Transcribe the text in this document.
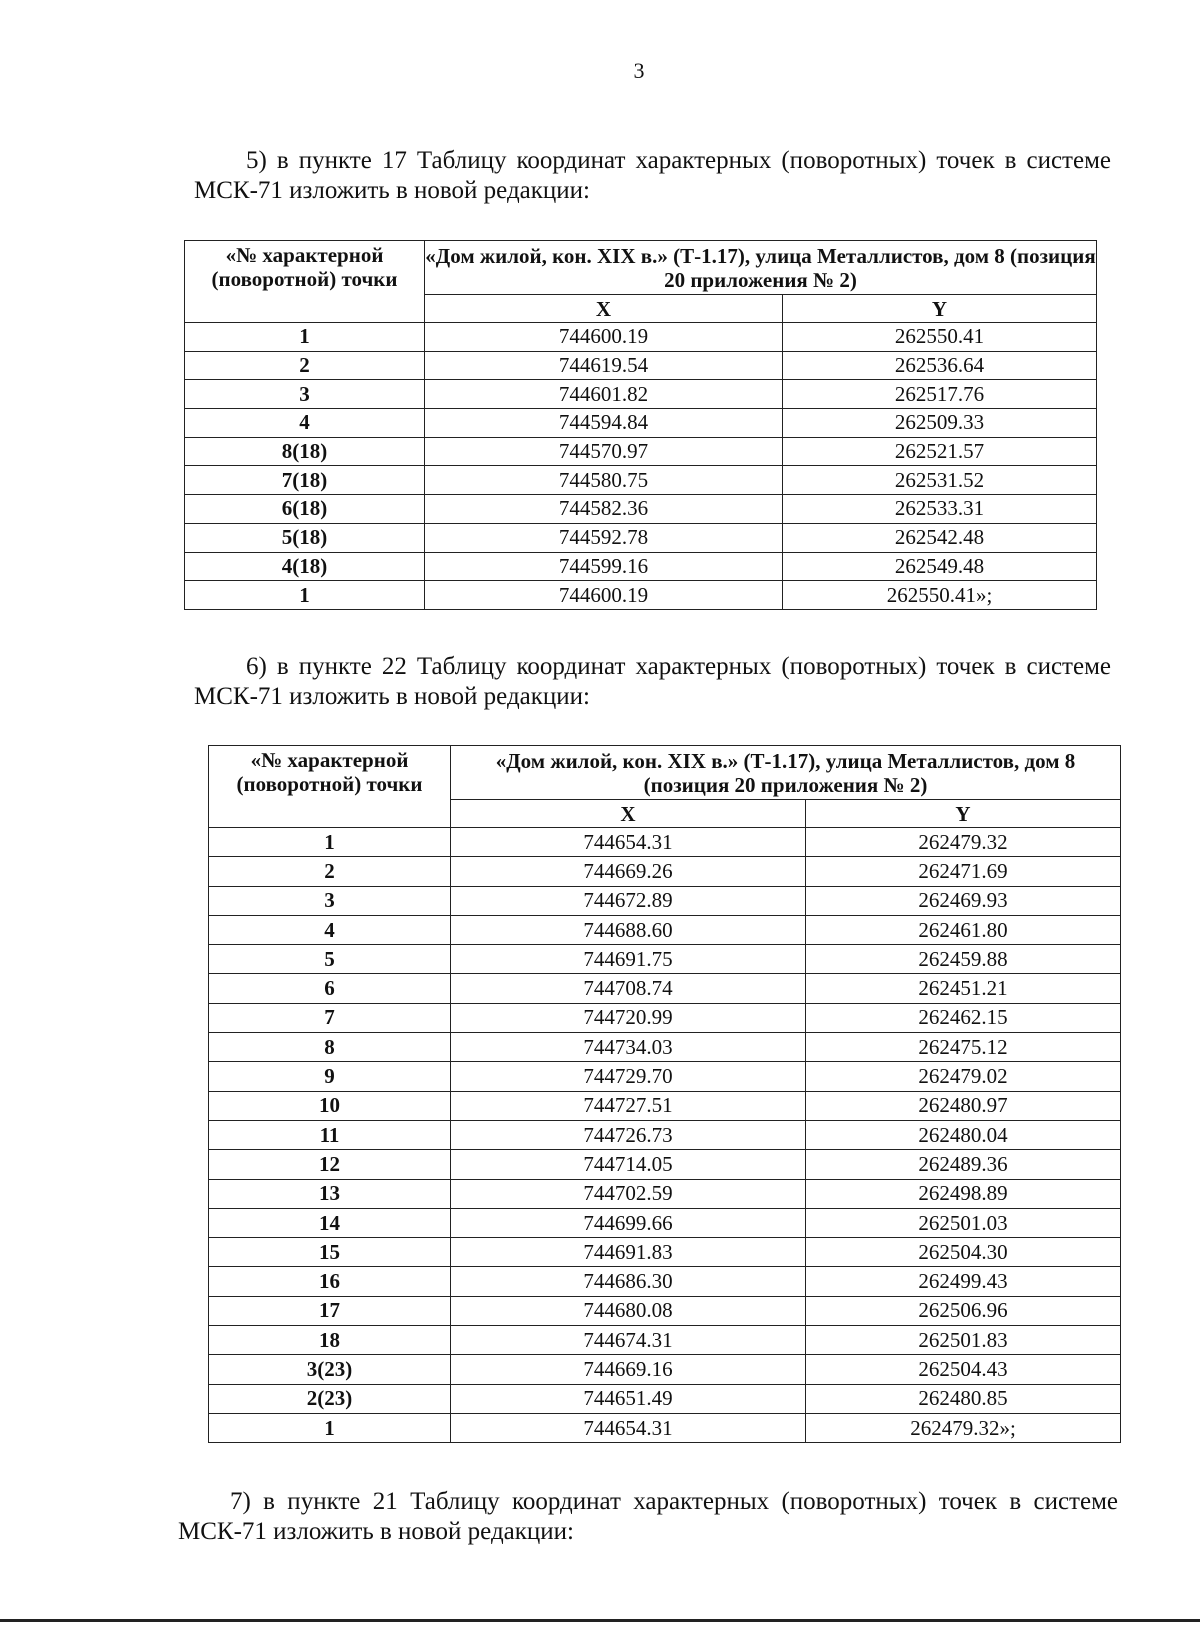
3
5) в пункте 17 Таблицу координат характерных (поворотных) точек в системе МСК-71 изложить в новой редакции:
«№ характерной (поворотной) точки	«Дом жилой, кон. XIX в.» (Т-1.17), улица Металлистов, дом 8 (позиция 20 приложения № 2)	
	X	Y
1	744600.19	262550.41
2	744619.54	262536.64
3	744601.82	262517.76
4	744594.84	262509.33
8(18)	744570.97	262521.57
7(18)	744580.75	262531.52
6(18)	744582.36	262533.31
5(18)	744592.78	262542.48
4(18)	744599.16	262549.48
1	744600.19	262550.41»;
6) в пункте 22 Таблицу координат характерных (поворотных) точек в системе МСК-71 изложить в новой редакции:
«№ характерной (поворотной) точки	«Дом жилой, кон. XIX в.» (Т-1.17), улица Металлистов, дом 8 (позиция 20 приложения № 2)	
	X	Y
1	744654.31	262479.32
2	744669.26	262471.69
3	744672.89	262469.93
4	744688.60	262461.80
5	744691.75	262459.88
6	744708.74	262451.21
7	744720.99	262462.15
8	744734.03	262475.12
9	744729.70	262479.02
10	744727.51	262480.97
11	744726.73	262480.04
12	744714.05	262489.36
13	744702.59	262498.89
14	744699.66	262501.03
15	744691.83	262504.30
16	744686.30	262499.43
17	744680.08	262506.96
18	744674.31	262501.83
3(23)	744669.16	262504.43
2(23)	744651.49	262480.85
1	744654.31	262479.32»;
7) в пункте 21 Таблицу координат характерных (поворотных) точек в системе МСК-71 изложить в новой редакции:
